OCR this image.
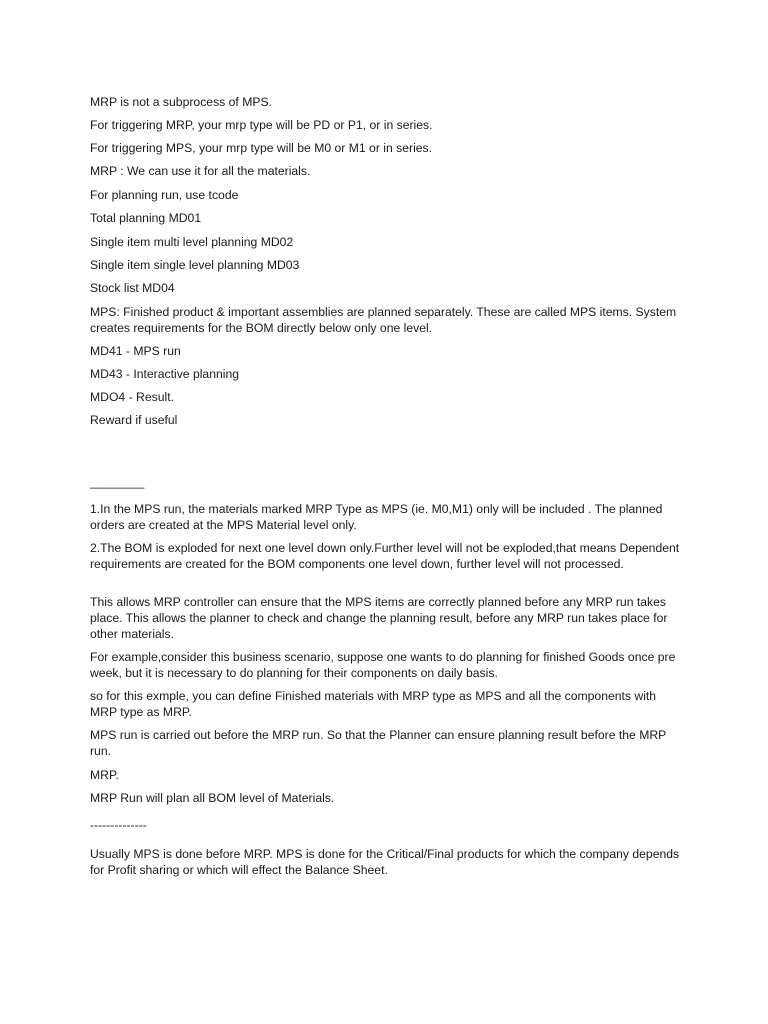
MRP is not a subprocess of MPS.

For triggering MRP, your mrp type will be PD or P1, or in series.

For triggering MPS, your mrp type will be M0 or M1 or in series.

MRP : We can use it for all the materials.

For planning run, use tcode

Total planning MD01

Single item multi level planning MD02

Single item single level planning MD03

Stock list MD04

MPS: Finished product & important assemblies are planned separately. These are called MPS items. System creates requirements for the BOM directly below only one level.

MD41 - MPS run

MD43 - Interactive planning

MDO4 - Result.

Reward if useful

________

1.In the MPS run, the materials marked MRP Type as MPS (ie. M0,M1) only will be included . The planned orders are created at the MPS Material level only.

2.The BOM is exploded for next one level down only.Further level will not be exploded,that means Dependent requirements are created for the BOM components one level down, further level will not processed.

This allows MRP controller can ensure that the MPS items are correctly planned before any MRP run takes place. This allows the planner to check and change the planning result, before any MRP run takes place for other materials.

For example,consider this business scenario, suppose one wants to do planning for finished Goods once pre week, but it is necessary to do planning for their components on daily basis.

so for this exmple, you can define Finished materials with MRP type as MPS and all the components with MRP type as MRP.

MPS run is carried out before the MRP run. So that the Planner can ensure planning result before the MRP run.

MRP.

MRP Run will plan all BOM level of Materials.

--------------

Usually MPS is done before MRP. MPS is done for the Critical/Final products for which the company depends for Profit sharing or which will effect the Balance Sheet.
